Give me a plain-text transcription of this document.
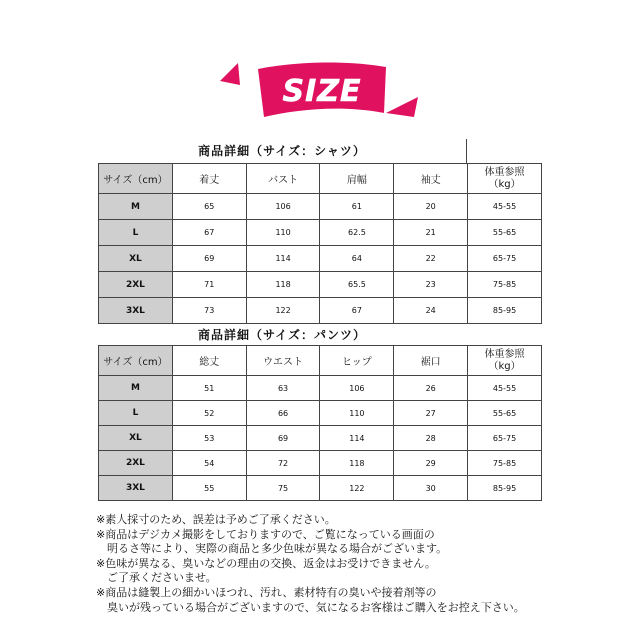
SIZE
商品詳細（サイズ：シャツ）
サイズ（cm）	着丈	バスト	肩幅	袖丈	体重参照
（kg）
M	65	106	61	20	45-55
L	67	110	62.5	21	55-65
XL	69	114	64	22	65-75
2XL	71	118	65.5	23	75-85
3XL	73	122	67	24	85-95
商品詳細（サイズ：パンツ）
サイズ（cm）	総丈	ウエスト	ヒップ	裾口	体重参照
（kg）
M	51	63	106	26	45-55
L	52	66	110	27	55-65
XL	53	69	114	28	65-75
2XL	54	72	118	29	75-85
3XL	55	75	122	30	85-95
※素人採寸のため、誤差は予めご了承ください。
※商品はデジカメ撮影をしておりますので、ご覧になっている画面の
　明るさ等により、実際の商品と多少色味が異なる場合がございます。
※色味が異なる、臭いなどの理由の交換、返金はお受けできません。
　ご了承くださいませ。
※商品は縫製上の細かいほつれ、汚れ、素材特有の臭いや接着剤等の
　臭いが残っている場合がございますので、気になるお客様はご購入をお控え下さい。
